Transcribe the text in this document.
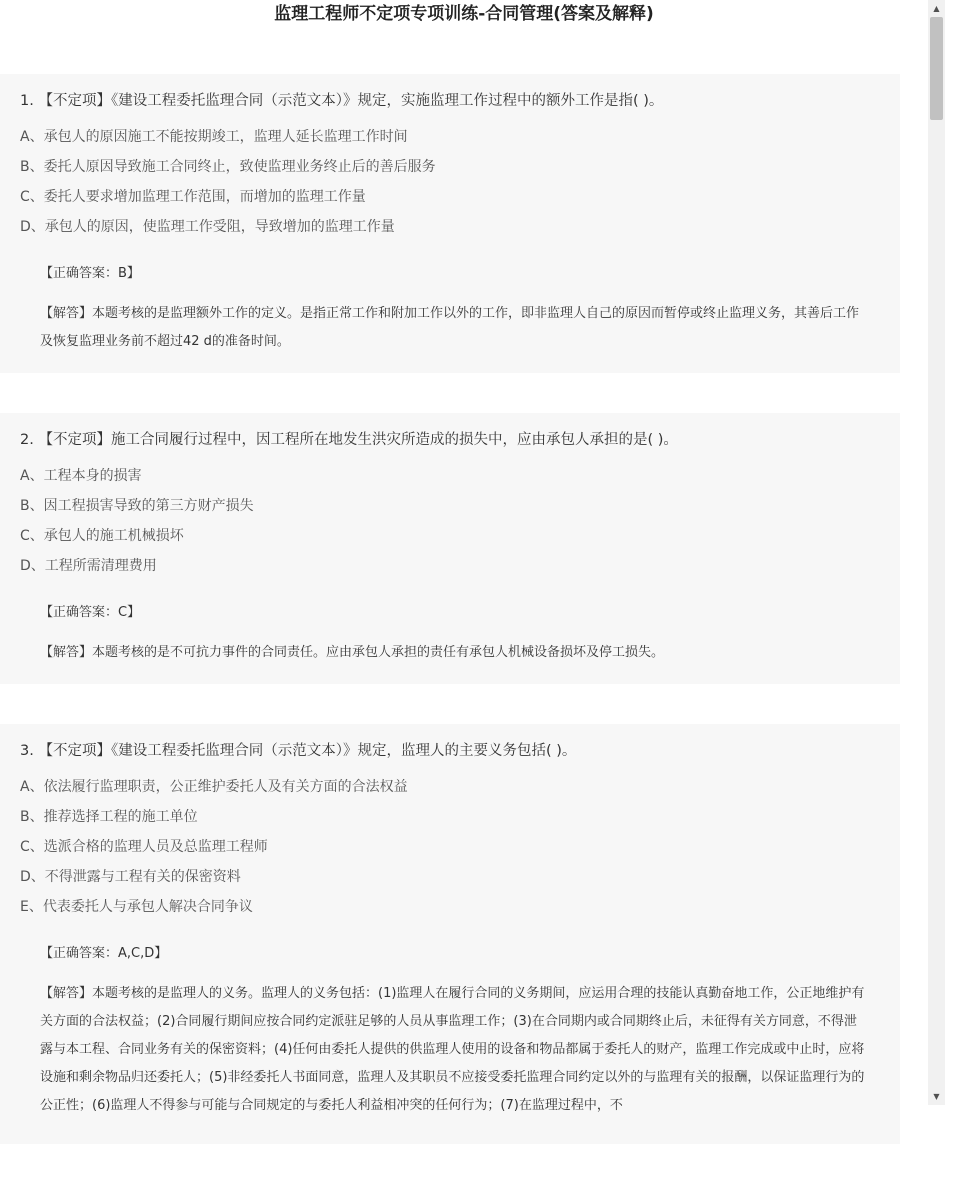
监理工程师不定项专项训练-合同管理(答案及解释)
1. 【不定项】《建设工程委托监理合同（示范文本）》规定，实施监理工作过程中的额外工作是指( )。
A、承包人的原因施工不能按期竣工，监理人延长监理工作时间
B、委托人原因导致施工合同终止，致使监理业务终止后的善后服务
C、委托人要求增加监理工作范围，而增加的监理工作量
D、承包人的原因，使监理工作受阻，导致增加的监理工作量
【正确答案：B】
【解答】本题考核的是监理额外工作的定义。是指正常工作和附加工作以外的工作，即非监理人自己的原因而暂停或终止监理义务，其善后工作及恢复监理业务前不超过42 d的准备时间。
2. 【不定项】施工合同履行过程中，因工程所在地发生洪灾所造成的损失中，应由承包人承担的是( )。
A、工程本身的损害
B、因工程损害导致的第三方财产损失
C、承包人的施工机械损坏
D、工程所需清理费用
【正确答案：C】
【解答】本题考核的是不可抗力事件的合同责任。应由承包人承担的责任有承包人机械设备损坏及停工损失。
3. 【不定项】《建设工程委托监理合同（示范文本）》规定，监理人的主要义务包括( )。
A、依法履行监理职责，公正维护委托人及有关方面的合法权益
B、推荐选择工程的施工单位
C、选派合格的监理人员及总监理工程师
D、不得泄露与工程有关的保密资料
E、代表委托人与承包人解决合同争议
【正确答案：A,C,D】
【解答】本题考核的是监理人的义务。监理人的义务包括：(1)监理人在履行合同的义务期间，应运用合理的技能认真勤奋地工作，公正地维护有关方面的合法权益；(2)合同履行期间应按合同约定派驻足够的人员从事监理工作；(3)在合同期内或合同期终止后，未征得有关方同意，不得泄露与本工程、合同业务有关的保密资料；(4)任何由委托人提供的供监理人使用的设备和物品都属于委托人的财产，监理工作完成或中止时，应将设施和剩余物品归还委托人；(5)非经委托人书面同意，监理人及其职员不应接受委托监理合同约定以外的与监理有关的报酬，以保证监理行为的公正性；(6)监理人不得参与可能与合同规定的与委托人利益相冲突的任何行为；(7)在监理过程中，不
▲
▼
